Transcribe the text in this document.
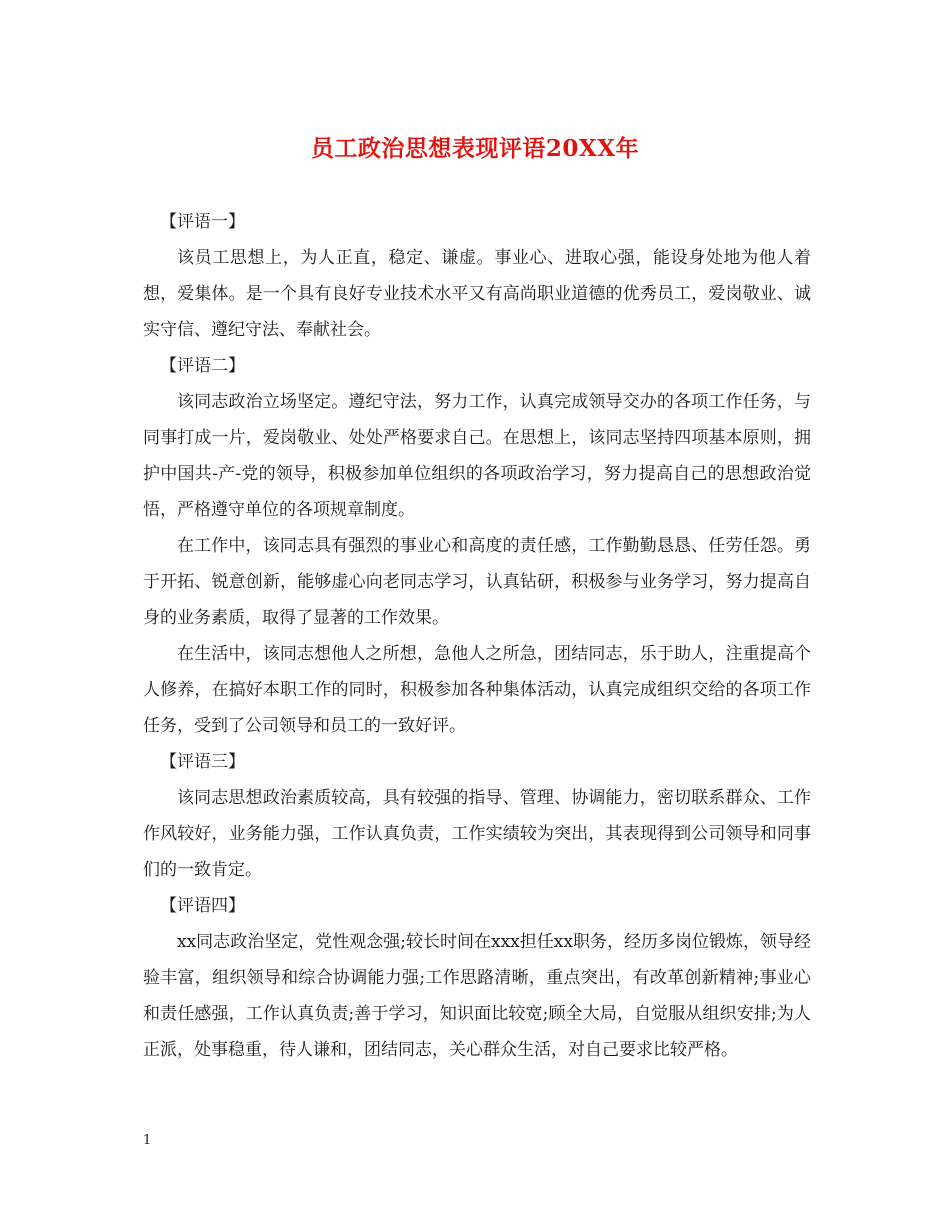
员工政治思想表现评语20XX年

【评语一】

该员工思想上，为人正直，稳定、谦虚。事业心、进取心强，能设身处地为他人着想，爱集体。是一个具有良好专业技术水平又有高尚职业道德的优秀员工，爱岗敬业、诚实守信、遵纪守法、奉献社会。

【评语二】

该同志政治立场坚定。遵纪守法，努力工作，认真完成领导交办的各项工作任务，与同事打成一片，爱岗敬业、处处严格要求自己。在思想上，该同志坚持四项基本原则，拥护中国共-产-党的领导，积极参加单位组织的各项政治学习，努力提高自己的思想政治觉悟，严格遵守单位的各项规章制度。

在工作中，该同志具有强烈的事业心和高度的责任感，工作勤勤恳恳、任劳任怨。勇于开拓、锐意创新，能够虚心向老同志学习，认真钻研，积极参与业务学习，努力提高自身的业务素质，取得了显著的工作效果。

在生活中，该同志想他人之所想，急他人之所急，团结同志，乐于助人，注重提高个人修养，在搞好本职工作的同时，积极参加各种集体活动，认真完成组织交给的各项工作任务，受到了公司领导和员工的一致好评。

【评语三】

该同志思想政治素质较高，具有较强的指导、管理、协调能力，密切联系群众、工作作风较好，业务能力强，工作认真负责，工作实绩较为突出，其表现得到公司领导和同事们的一致肯定。

【评语四】

xx同志政治坚定，党性观念强;较长时间在xxx担任xx职务，经历多岗位锻炼，领导经验丰富，组织领导和综合协调能力强;工作思路清晰，重点突出，有改革创新精神;事业心和责任感强，工作认真负责;善于学习，知识面比较宽;顾全大局，自觉服从组织安排;为人正派，处事稳重，待人谦和，团结同志，关心群众生活，对自己要求比较严格。

1
